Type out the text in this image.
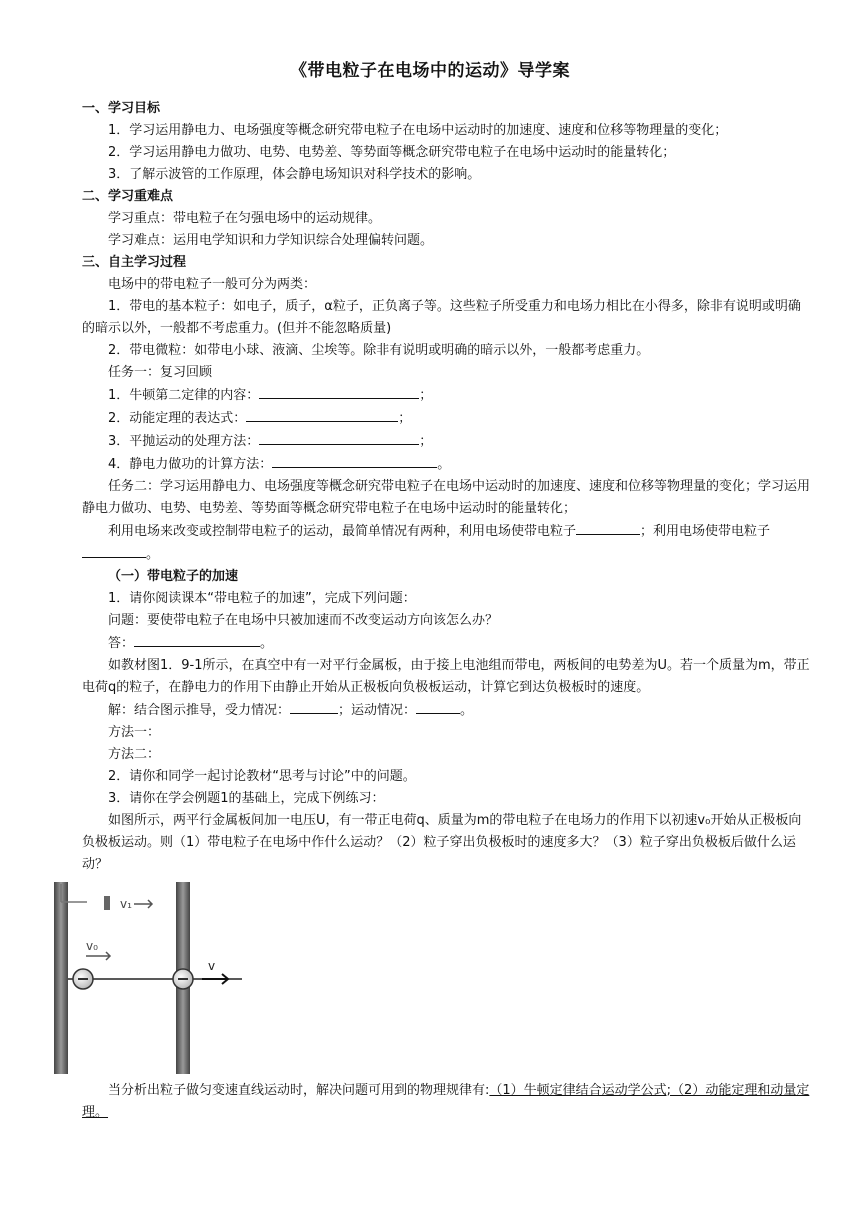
《带电粒子在电场中的运动》导学案

一、学习目标

1．学习运用静电力、电场强度等概念研究带电粒子在电场中运动时的加速度、速度和位移等物理量的变化；

2．学习运用静电力做功、电势、电势差、等势面等概念研究带电粒子在电场中运动时的能量转化；

3．了解示波管的工作原理，体会静电场知识对科学技术的影响。

二、学习重难点

学习重点：带电粒子在匀强电场中的运动规律。

学习难点：运用电学知识和力学知识综合处理偏转问题。

三、自主学习过程

电场中的带电粒子一般可分为两类：

1．带电的基本粒子：如电子，质子，α粒子，正负离子等。这些粒子所受重力和电场力相比在小得多，除非有说明或明确的暗示以外，一般都不考虑重力。(但并不能忽略质量)

2．带电微粒：如带电小球、液滴、尘埃等。除非有说明或明确的暗示以外，一般都考虑重力。

任务一：复习回顾

1．牛顿第二定律的内容：	；

2．动能定理的表达式：	；

3．平抛运动的处理方法：	；

4．静电力做功的计算方法：	。

任务二：学习运用静电力、电场强度等概念研究带电粒子在电场中运动时的加速度、速度和位移等物理量的变化；学习运用静电力做功、电势、电势差、等势面等概念研究带电粒子在电场中运动时的能量转化；

利用电场来改变或控制带电粒子的运动，最简单情况有两种，利用电场使带电粒子	；利用电场使带电粒子。

（一）带电粒子的加速

1．请你阅读课本“带电粒子的加速”，完成下列问题：

问题：要使带电粒子在电场中只被加速而不改变运动方向该怎么办？

答：	。

如教材图1．9-1所示，在真空中有一对平行金属板，由于接上电池组而带电，两板间的电势差为U。若一个质量为m，带正电荷q的粒子，在静电力的作用下由静止开始从正极板向负极板运动，计算它到达负极板时的速度。

解：结合图示推导，受力情况：	；运动情况：	。

方法一：

方法二：

2．请你和同学一起讨论教材“思考与讨论”中的问题。

3．请你在学会例题1的基础上，完成下例练习：

如图所示，两平行金属板间加一电压U，有一带正电荷q、质量为m的带电粒子在电场力的作用下以初速v₀开始从正极板向负极板运动。则（1）带电粒子在电场中作什么运动？（2）粒子穿出负极板时的速度多大？（3）粒子穿出负极板后做什么运动？

v₁
v₀
v

当分析出粒子做匀变速直线运动时，解决问题可用到的物理规律有:（1）牛顿定律结合运动学公式;（2）动能定理和动量定理。
